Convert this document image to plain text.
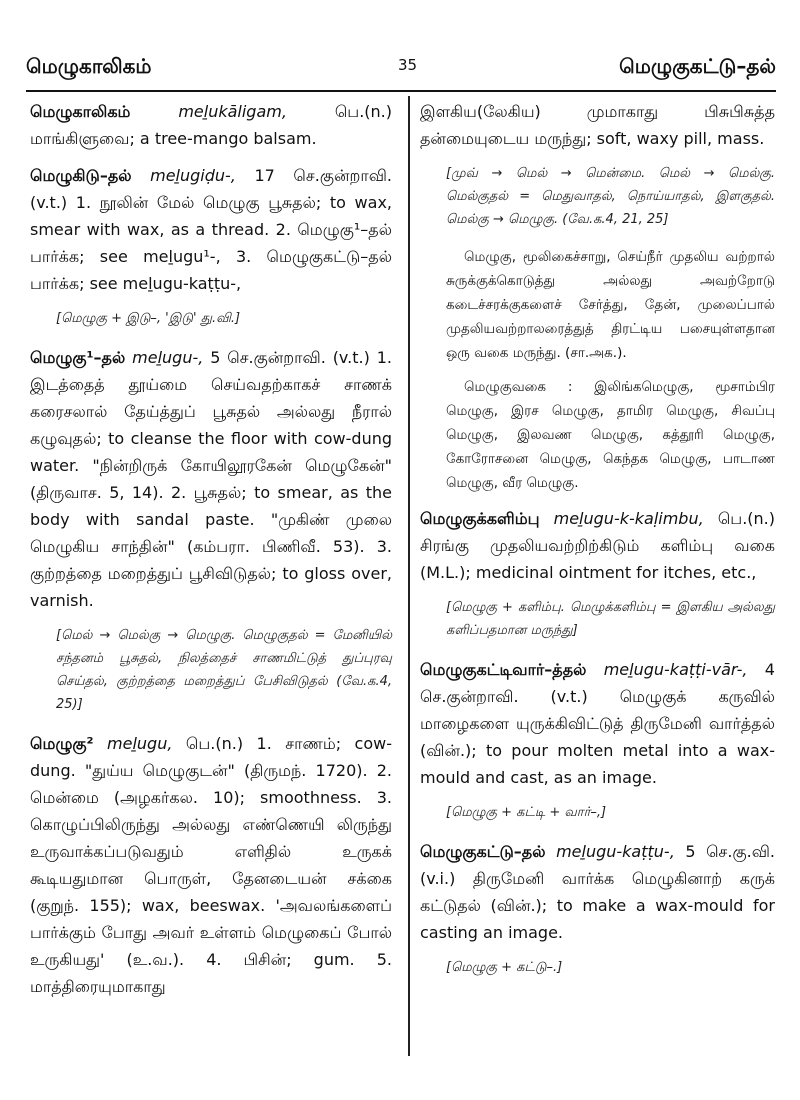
மெழுகாலிகம்	35	மெழுகுகட்டு–தல்

மெழுகாலிகம்	meḻukāligam,	பெ.(n.) மாங்கிளுவை; a tree-mango balsam.

மெழுகிடு–தல் meḻugiḍu-, 17 செ.குன்றாவி. (v.t.) 1. நூலின் மேல் மெழுகு பூசுதல்; to wax, smear with wax, as a thread. 2. மெழுகு¹–தல் பார்க்க; see meḻugu¹-, 3. மெழுகுகட்டு–தல் பார்க்க; see meḻugu-kaṭṭu-,

[மெழுகு + இடு–, 'இடு' து.வி.]

மெழுகு¹–தல் meḻugu-, 5 செ.குன்றாவி. (v.t.) 1. இடத்தைத் தூய்மை செய்வதற்காகச் சாணக் கரைசலால் தேய்த்துப் பூசுதல் அல்லது நீரால் கழுவுதல்; to cleanse the floor with cow-dung water. "நின்றிருக் கோயிலூரகேன் மெழுகேன்" (திருவாச. 5, 14). 2. பூசுதல்; to smear, as the body with sandal paste. "முகிண் முலை மெழுகிய சாந்தின்" (கம்பரா. பிணிவீ. 53). 3. குற்றத்தை மறைத்துப் பூசிவிடுதல்; to gloss over, varnish.

[மெல் → மெல்கு → மெழுகு. மெழுகுதல் = மேனியில் சந்தனம் பூசுதல், நிலத்தைச் சாணமிட்டுத் துப்புரவு செய்தல், குற்றத்தை மறைத்துப் பேசிவிடுதல் (வே.க.4, 25)]

மெழுகு² meḻugu, பெ.(n.) 1. சாணம்; cow-dung. "துய்ய மெழுகுடன்" (திருமந். 1720). 2. மென்மை (அழகர்கல. 10); smoothness. 3. கொழுப்பிலிருந்து அல்லது எண்ணெயி லிருந்து உருவாக்கப்படுவதும் எளிதில் உருகக் கூடியதுமான பொருள், தேனடையன் சக்கை (குறுந். 155); wax, beeswax. 'அவலங்களைப் பார்க்கும் போது அவர் உள்ளம் மெழுகைப் போல் உருகியது' (உ.வ.). 4. பிசின்; gum. 5. மாத்திரையுமாகாது

இளகிய(லேகிய) முமாகாது பிசுபிசுத்த தன்மையுடைய மருந்து; soft, waxy pill, mass.

[முவ் → மெல் → மென்மை. மெல் → மெல்கு. மெல்குதல் = மெதுவாதல், நொய்யாதல், இளகுதல். மெல்கு → மெழுகு. (வே.க.4, 21, 25]
மெழுகு, மூலிகைச்சாறு, செய்நீர் முதலிய வற்றால் சுருக்குக்கொடுத்து அல்லது அவற்றோடு கடைச்சரக்குகளைச் சேர்த்து, தேன், முலைப்பால் முதலியவற்றாலரைத்துத் திரட்டிய பசையுள்ளதான ஒரு வகை மருந்து. (சா.அக.).
மெழுகுவகை : இலிங்கமெழுகு, மூசாம்பிர மெழுகு, இரச மெழுகு, தாமிர மெழுகு, சிவப்பு மெழுகு, இலவண மெழுகு, கத்தூரி மெழுகு, கோரோசனை மெழுகு, கெந்தக மெழுகு, பாடாண மெழுகு, வீர மெழுகு.

மெழுகுக்களிம்பு meḻugu-k-kaḷimbu, பெ.(n.) சிரங்கு முதலியவற்றிற்கிடும் களிம்பு வகை (M.L.); medicinal ointment for itches, etc.,

[மெழுகு + களிம்பு. மெழுக்களிம்பு = இளகிய அல்லது களிப்பதமான மருந்து]

மெழுகுகட்டிவார்–த்தல் meḻugu-kaṭṭi-vār-, 4 செ.குன்றாவி. (v.t.) மெழுகுக் கருவில் மாழைகளை யுருக்கிவிட்டுத் திருமேனி வார்த்தல் (வின்.); to pour molten metal into a wax-mould and cast, as an image.

[மெழுகு + கட்டி + வார்–,]

மெழுகுகட்டு–தல் meḻugu-kaṭṭu-, 5 செ.கு.வி. (v.i.) திருமேனி வார்க்க மெழுகினாற் கருக் கட்டுதல் (வின்.); to make a wax-mould for casting an image.

[மெழுகு + கட்டு–.]
